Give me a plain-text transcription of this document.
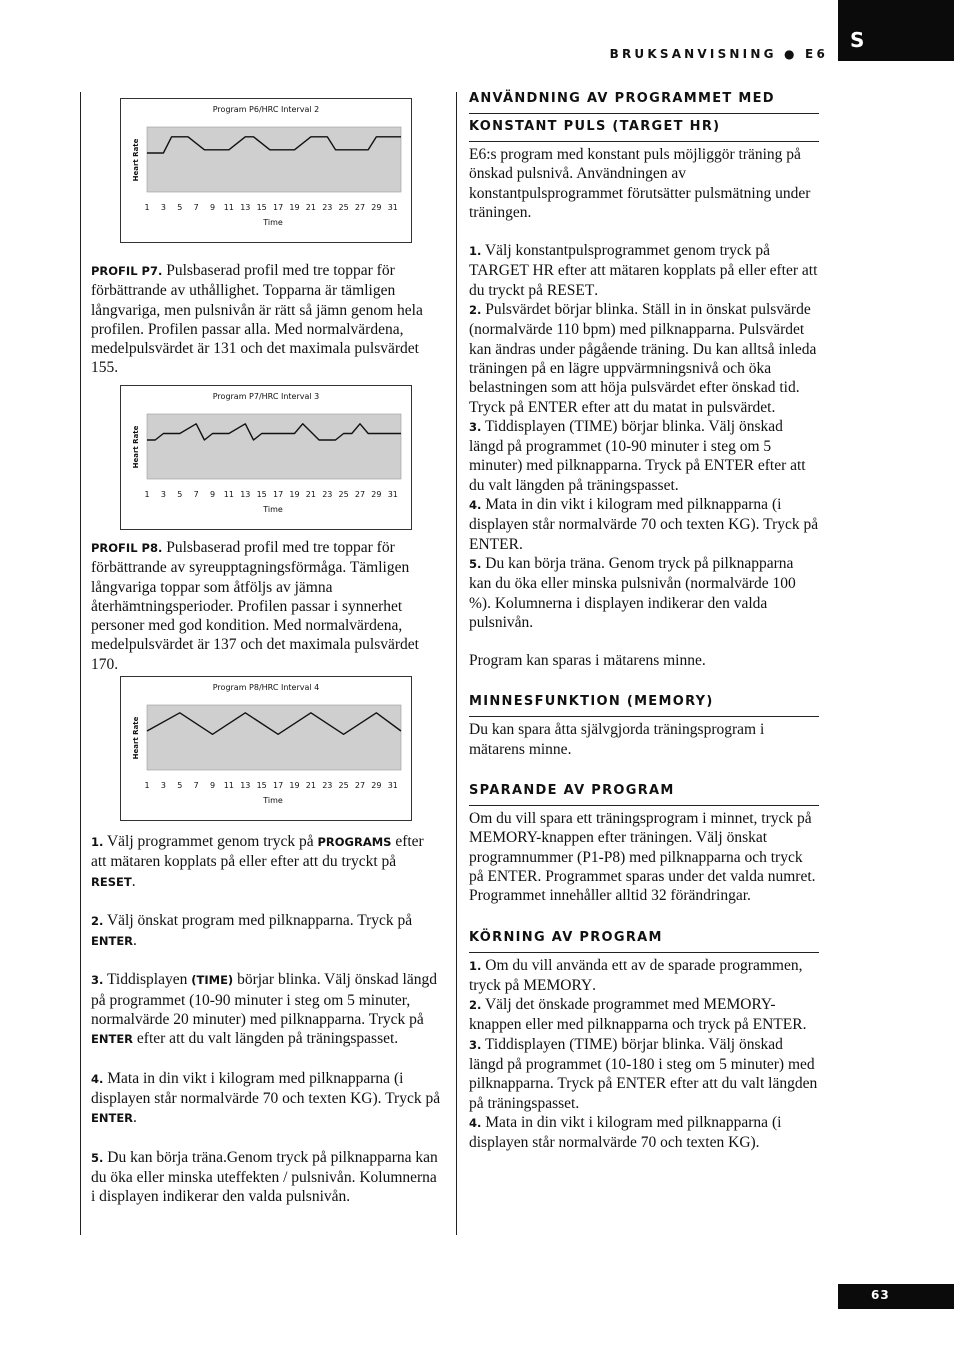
BRUKSANVISNING ● E6
S
63
Program P6/HRC Interval 2
1 3 5 7 9 11 13 15 17 19 21 23 25 27 29 31
Time
Heart Rate
Program P7/HRC Interval 3
1 3 5 7 9 11 13 15 17 19 21 23 25 27 29 31
Time
Heart Rate
Program P8/HRC Interval 4
1 3 5 7 9 11 13 15 17 19 21 23 25 27 29 31
Time
Heart Rate

PROFIL P7. Pulsbaserad profil med tre toppar för förbättrande av uthållighet. Topparna är tämligen långvariga, men pulsnivån är rätt så jämn genom hela profilen. Profilen passar alla. Med normalvärdena, medelpulsvärdet är 131 och det maximala pulsvärdet 155.

PROFIL P8. Pulsbaserad profil med tre toppar för förbättrande av syreupptagningsförmåga. Tämligen långvariga toppar som åtföljs av jämna återhämtningsperioder. Profilen passar i synnerhet personer med god kondition. Med normalvärdena, medelpulsvärdet är 137 och det maximala pulsvärdet 170.

1. Välj programmet genom tryck på PROGRAMS efter att mätaren kopplats på eller efter att du tryckt på RESET.

2. Välj önskat program med pilknapparna. Tryck på ENTER.

3. Tiddisplayen (TIME) börjar blinka. Välj önskad längd på programmet (10-90 minuter i steg om 5 minuter, normalvärde 20 minuter) med pilknapparna. Tryck på ENTER efter att du valt längden på träningspasset.

4. Mata in din vikt i kilogram med pilknapparna (i displayen står normalvärde 70 och texten KG). Tryck på ENTER.

5. Du kan börja träna.Genom tryck på pilknapparna kan du öka eller minska uteffekten / pulsnivån. Kolumnerna i displayen indikerar den valda pulsnivån.

ANVÄNDNING AV PROGRAMMET MED
KONSTANT PULS (TARGET HR)

E6:s program med konstant puls möjliggör träning på önskad pulsnivå. Användningen av konstantpulsprogrammet förutsätter pulsmätning under träningen.

1. Välj konstantpulsprogrammet genom tryck på TARGET HR efter att mätaren kopplats på eller efter att du tryckt på RESET.

2. Pulsvärdet börjar blinka. Ställ in in önskat pulsvärde (normalvärde 110 bpm) med pilknapparna. Pulsvärdet kan ändras under pågående träning. Du kan alltså inleda träningen på en lägre uppvärmningsnivå och öka belastningen som att höja pulsvärdet efter önskad tid. Tryck på ENTER efter att du matat in pulsvärdet.

3. Tiddisplayen (TIME) börjar blinka. Välj önskad längd på programmet (10-90 minuter i steg om 5 minuter) med pilknapparna. Tryck på ENTER efter att du valt längden på träningspasset.

4. Mata in din vikt i kilogram med pilknapparna (i displayen står normalvärde 70 och texten KG). Tryck på ENTER.

5. Du kan börja träna. Genom tryck på pilknapparna kan du öka eller minska pulsnivån (normalvärde 100 %). Kolumnerna i displayen indikerar den valda pulsnivån.

Program kan sparas i mätarens minne.

MINNESFUNKTION (MEMORY)

Du kan spara åtta självgjorda träningsprogram i mätarens minne.

SPARANDE AV PROGRAM

Om du vill spara ett träningsprogram i minnet, tryck på MEMORY-knappen efter träningen. Välj önskat programnummer (P1-P8) med pilknapparna och tryck på ENTER. Programmet sparas under det valda numret. Programmet innehåller alltid 32 förändringar.

KÖRNING AV PROGRAM

1. Om du vill använda ett av de sparade programmen, tryck på MEMORY.

2. Välj det önskade programmet med MEMORY-knappen eller med pilknapparna och tryck på ENTER.

3. Tiddisplayen (TIME) börjar blinka. Välj önskad längd på programmet (10-180 i steg om 5 minuter) med pilknapparna. Tryck på ENTER efter att du valt längden på träningspasset.

4. Mata in din vikt i kilogram med pilknapparna (i displayen står normalvärde 70 och texten KG).
